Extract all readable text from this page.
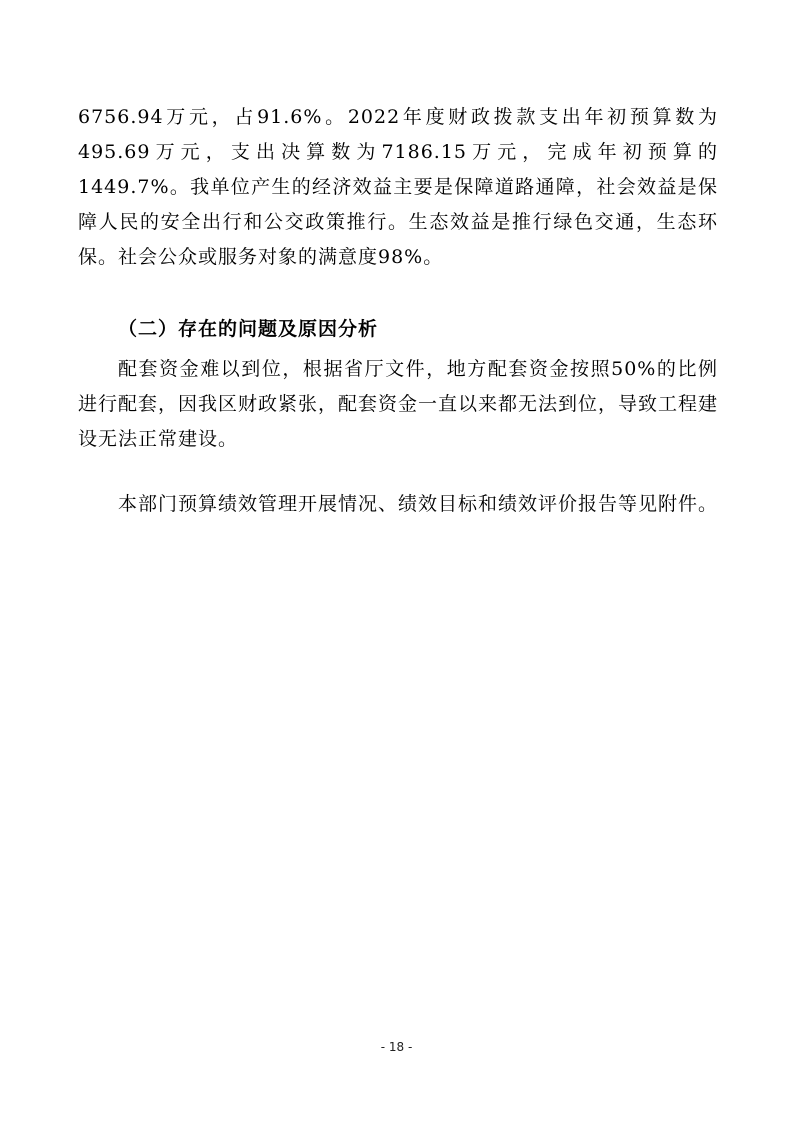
6756.94万元，占91.6%。2022年度财政拨款支出年初预算数为495.69万元，支出决算数为7186.15万元，完成年初预算的1449.7%。我单位产生的经济效益主要是保障道路通障，社会效益是保障人民的安全出行和公交政策推行。生态效益是推行绿色交通，生态环保。社会公众或服务对象的满意度98%。

（二）存在的问题及原因分析

配套资金难以到位，根据省厅文件，地方配套资金按照50%的比例进行配套，因我区财政紧张，配套资金一直以来都无法到位，导致工程建设无法正常建设。

本部门预算绩效管理开展情况、绩效目标和绩效评价报告等见附件。

- 18 -
